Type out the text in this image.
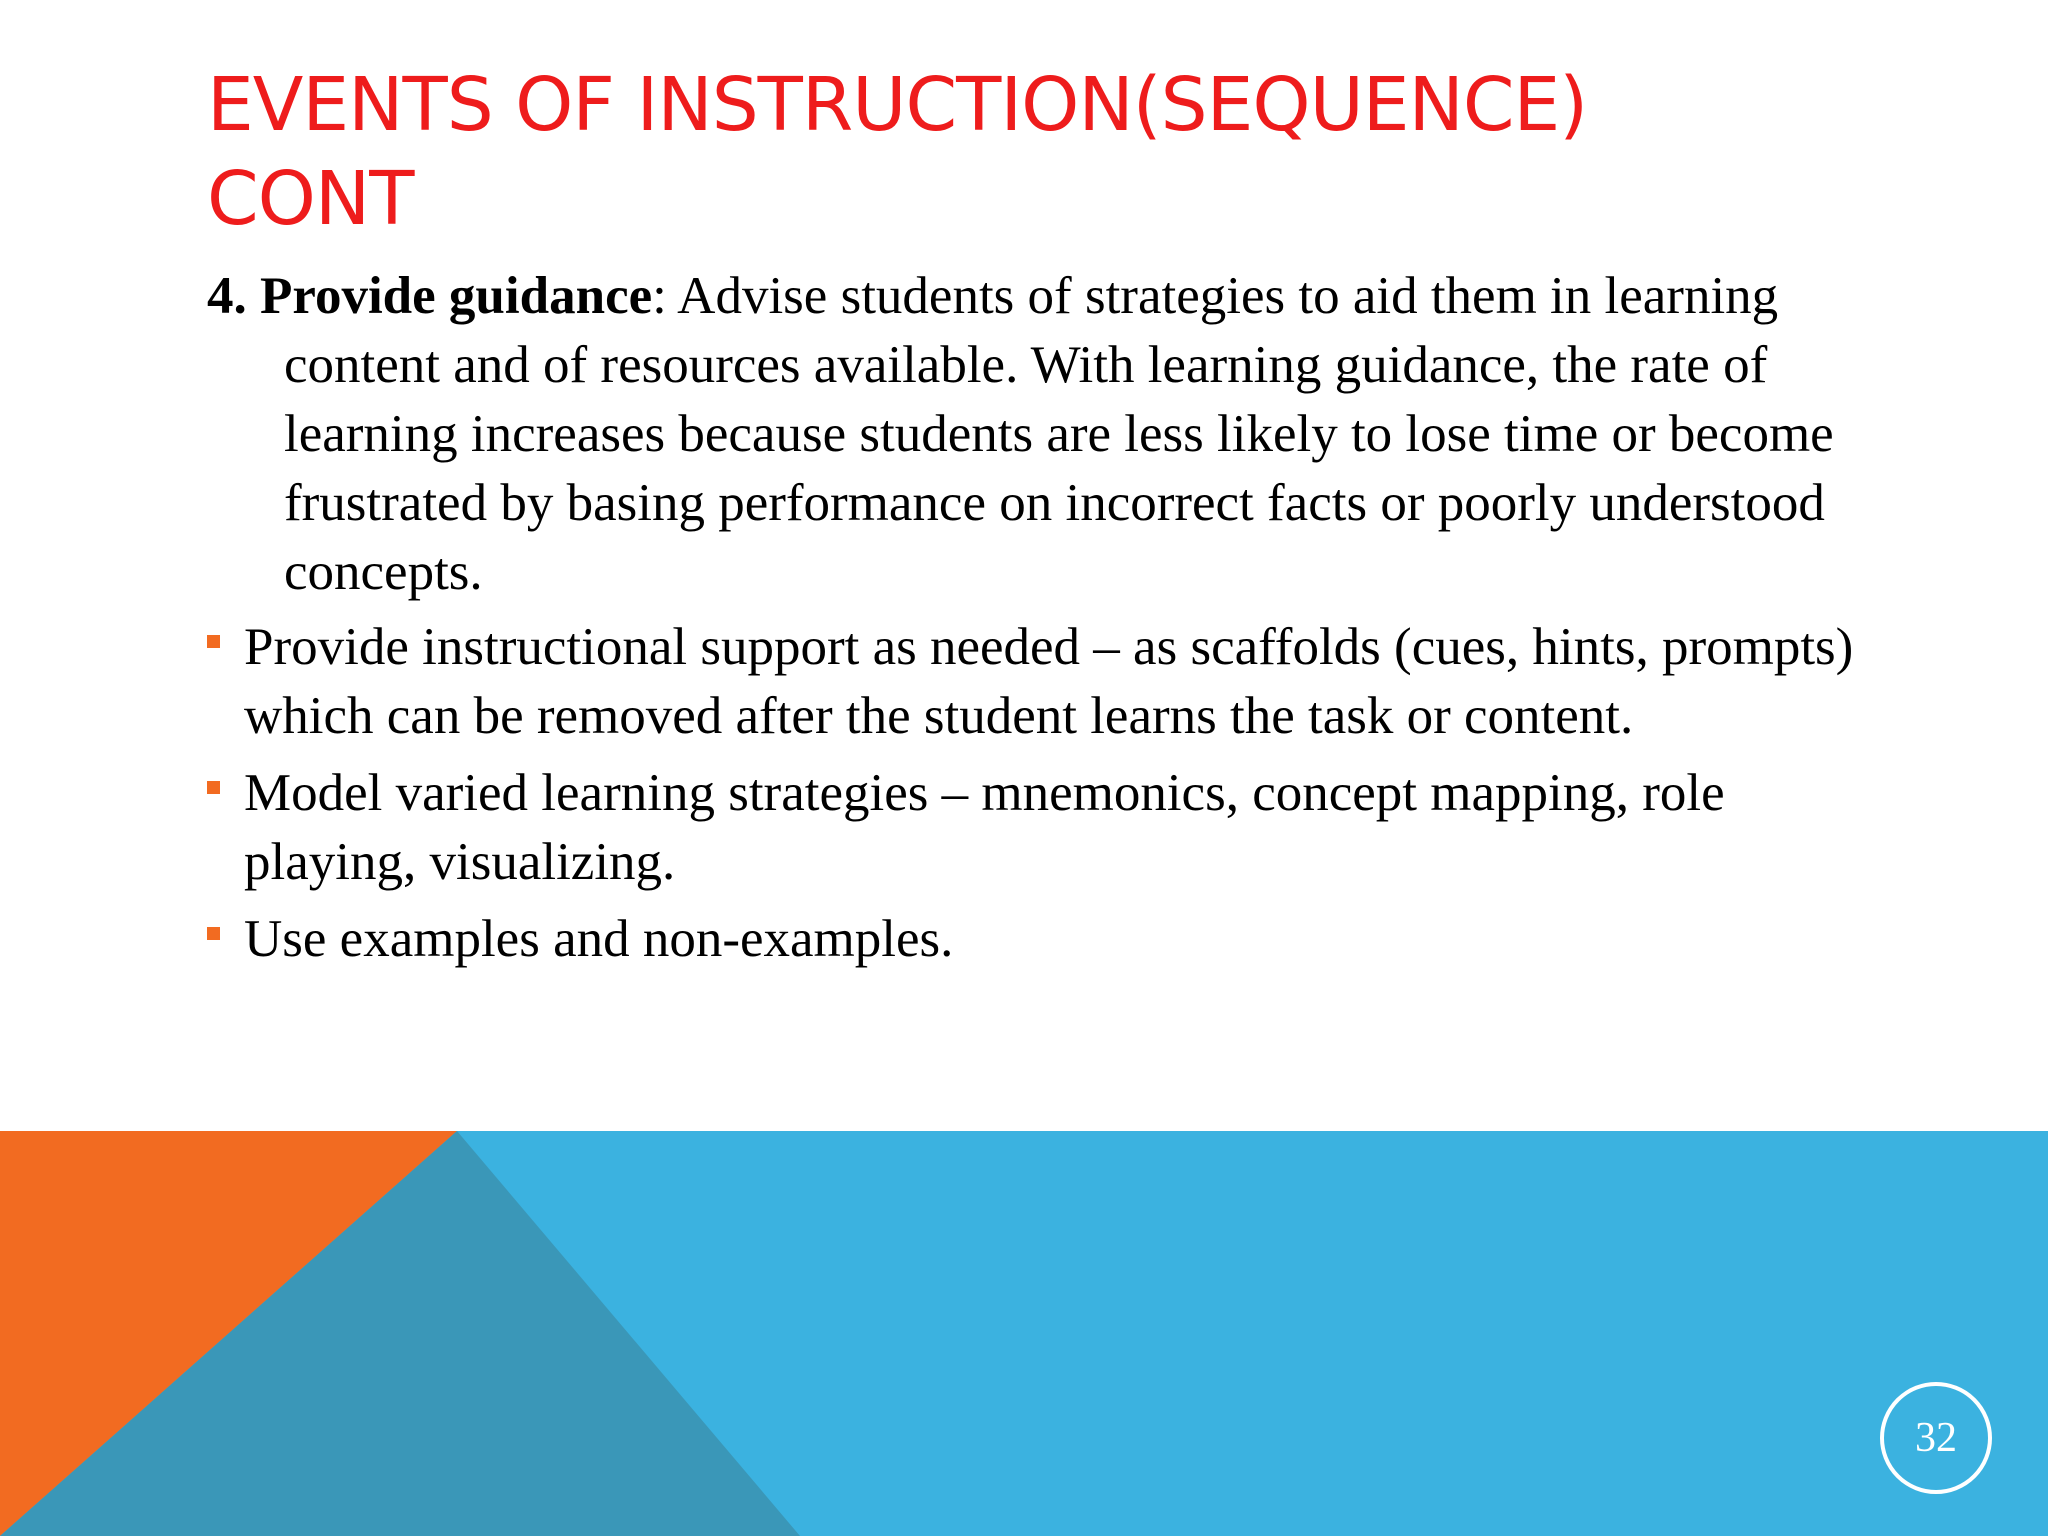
EVENTS OF INSTRUCTION(SEQUENCE)
CONT

4. Provide guidance: Advise students of strategies to aid them in learning content and of resources available. With learning guidance, the rate of learning increases because students are less likely to lose time or become frustrated by basing performance on incorrect facts or poorly understood concepts.

Provide instructional support as needed – as scaffolds (cues, hints, prompts) which can be removed after the student learns the task or content.
Model varied learning strategies – mnemonics, concept mapping, role playing, visualizing.
Use examples and non-examples.
32
